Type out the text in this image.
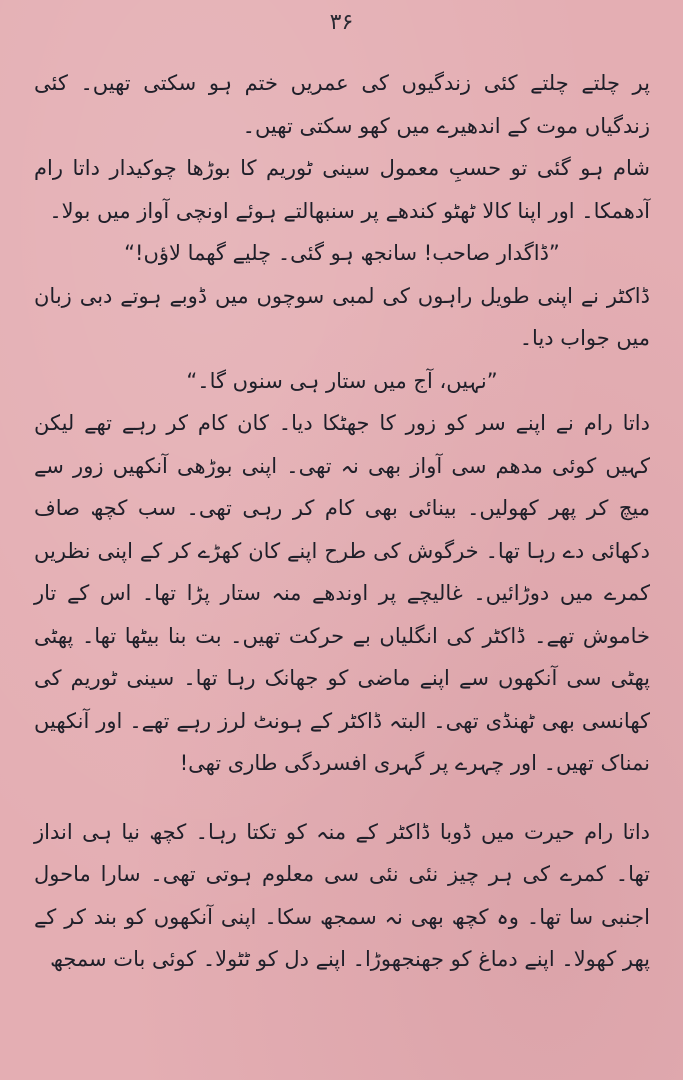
۳۶

پر چلتے چلتے کئی زندگیوں کی عمریں ختم ہو سکتی تھیں۔ کئی زندگیاں موت کے اندھیرے میں کھو سکتی تھیں۔

شام ہو گئی تو حسبِ معمول سینی ٹوریم کا بوڑھا چوکیدار داتا رام آدھمکا۔ اور اپنا کالا ٹھٹو کندھے پر سنبھالتے ہوئے اونچی آواز میں بولا۔

”ڈاگدار صاحب! سانجھ ہو گئی۔ چلیے گھما لاؤں!“

ڈاکٹر نے اپنی طویل راہوں کی لمبی سوچوں میں ڈوبے ہوتے دبی زبان میں جواب دیا۔

”نہیں، آج میں ستار ہی سنوں گا۔“

داتا رام نے اپنے سر کو زور کا جھٹکا دیا۔ کان کام کر رہے تھے لیکن کہیں کوئی مدھم سی آواز بھی نہ تھی۔ اپنی بوڑھی آنکھیں زور سے میچ کر پھر کھولیں۔ بینائی بھی کام کر رہی تھی۔ سب کچھ صاف دکھائی دے رہا تھا۔ خرگوش کی طرح اپنے کان کھڑے کر کے اپنی نظریں کمرے میں دوڑائیں۔ غالیچے پر اوندھے منہ ستار پڑا تھا۔ اس کے تار خاموش تھے۔ ڈاکٹر کی انگلیاں بے حرکت تھیں۔ بت بنا بیٹھا تھا۔ پھٹی پھٹی سی آنکھوں سے اپنے ماضی کو جھانک رہا تھا۔ سینی ٹوریم کی کھانسی بھی ٹھنڈی تھی۔ البتہ ڈاکٹر کے ہونٹ لرز رہے تھے۔ اور آنکھیں نمناک تھیں۔ اور چہرے پر گہری افسردگی طاری تھی!

داتا رام حیرت میں ڈوبا ڈاکٹر کے منہ کو تکتا رہا۔ کچھ نیا ہی انداز تھا۔ کمرے کی ہر چیز نئی نئی سی معلوم ہوتی تھی۔ سارا ماحول اجنبی سا تھا۔ وہ کچھ بھی نہ سمجھ سکا۔ اپنی آنکھوں کو بند کر کے پھر کھولا۔ اپنے دماغ کو جھنجھوڑا۔ اپنے دل کو ٹٹولا۔ کوئی بات سمجھ
